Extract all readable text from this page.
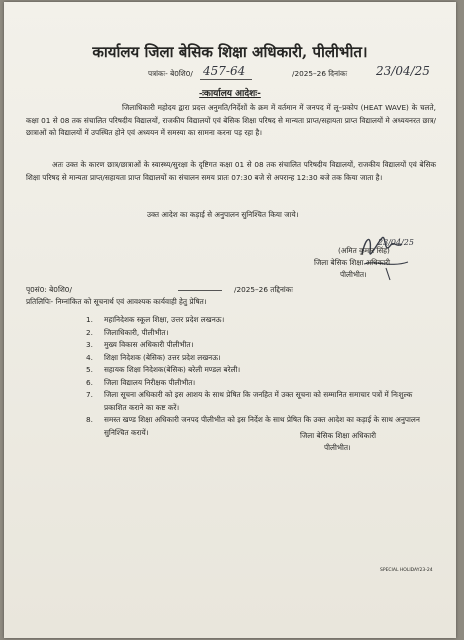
कार्यालय जिला बेसिक शिक्षा अधिकारी, पीलीभीत।
पत्रांकः- बे0शि0/ 457-64	/2025–26 दिनांकः 23/04/25
-ःकार्यालय आदेशः-
जिलाधिकारी महोदय द्वारा प्रदत्त अनुमति/निर्देशों के क्रम में वर्तमान में जनपद में लू–प्रकोप (HEAT WAVE) के चलते, कक्षा 01 से 08 तक संचालित परिषदीय विद्यालयों, राजकीय विद्यालयों एवं बेसिक शिक्षा परिषद से मान्यता प्राप्त/सहायता प्राप्त विद्यालयों मे अध्ययनरत छात्र/छात्राओं को विद्यालयों में उपस्थित होने एवं अध्ययन में समस्या का सामना करना पड़ रहा है।
अतः उक्त के कारण छात्र/छात्राओं के स्वास्थ्य/सुरक्षा के दृष्टिगत कक्षा 01 से 08 तक संचालित परिषदीय विद्यालयों, राजकीय विद्यालयों एवं बेसिक शिक्षा परिषद से मान्यता प्राप्त/सहायता प्राप्त विद्यालयों का संचालन समय प्रातः 07:30 बजे से अपरान्ह 12:30 बजे तक किया जाता है।
उक्त आदेश का कड़ाई से अनुपालन सुनिश्चित किया जाये।
23/04/25
(अमित कुमार सिंह)
जिला बेसिक शिक्षा अधिकारी
पीलीभीत।
पृ0सं0: बे0शि0/	/2025–26 तद्दिनांकः
प्रतिलिपिः- निम्नांकित को सूचनार्थ एवं आवश्यक कार्यवाही हेतु प्रेषित।
1. महानिदेशक स्कूल शिक्षा, उत्तर प्रदेश लखनऊ।
2. जिलाधिकारी, पीलीभीत।
3. मुख्य विकास अधिकारी पीलीभीत।
4. शिक्षा निदेशक (बेसिक) उत्तर प्रदेश लखनऊ।
5. सहायक शिक्षा निदेशक(बेसिक) बरेली मण्डल बरेली।
6. जिला विद्यालय निरीक्षक पीलीभीत।
7. जिला सूचना अधिकारी को इस आशय के साथ प्रेषित कि जनहित में उक्त सूचना को सम्मानित समाचार पत्रों में निःशुल्क प्रकाशित कराने का कष्ट करें।
8. समस्त खण्ड शिक्षा अधिकारी जनपद पीलीभीत को इस निर्देश के साथ प्रेषित कि उक्त आदेश का कड़ाई के साथ अनुपालन सुनिश्चित करायें।	जिला बेसिक शिक्षा अधिकारी
पीलीभीत।
SPECIAL HOLIDAY23-24
